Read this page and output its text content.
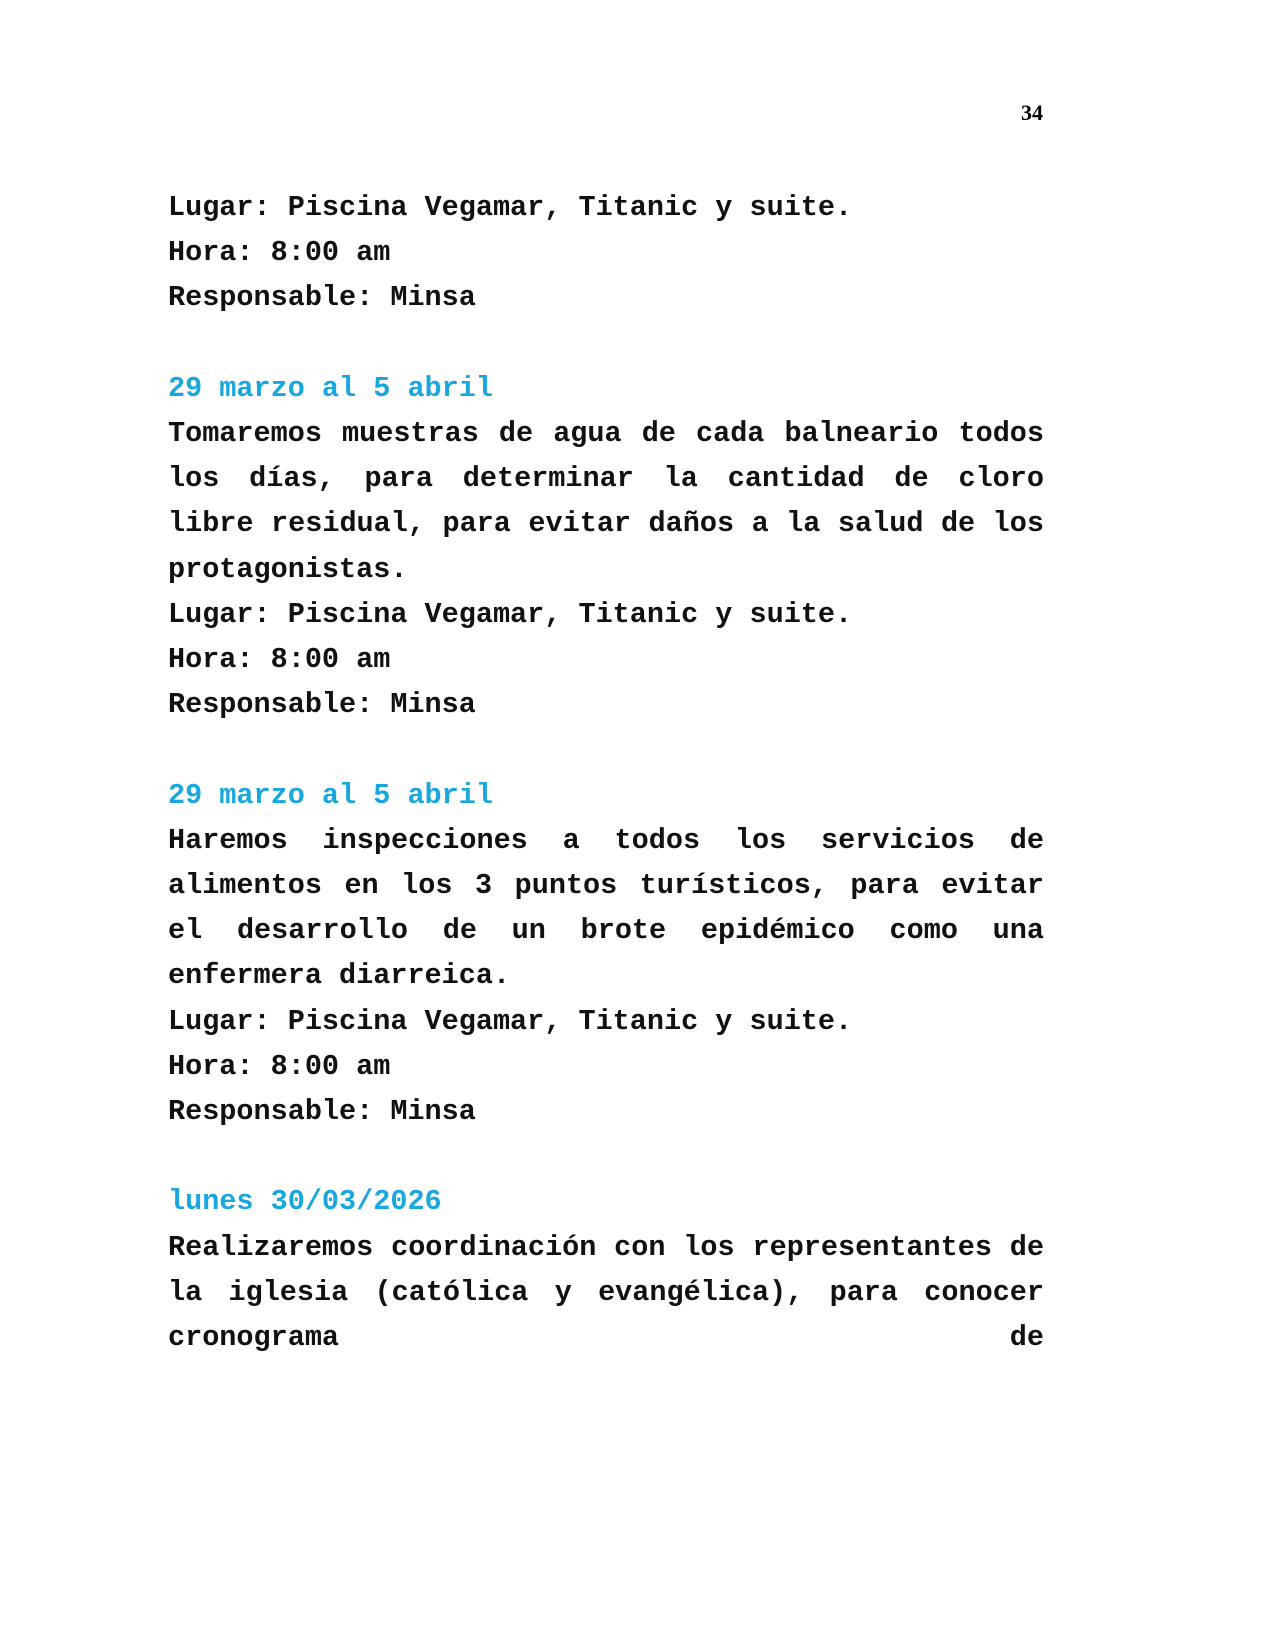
34
Lugar: Piscina Vegamar, Titanic y suite.
Hora: 8:00 am
Responsable: Minsa
29 marzo al 5 abril
Tomaremos muestras de agua de cada balneario todos los días, para determinar la cantidad de cloro libre residual, para evitar daños a la salud de los protagonistas.
Lugar: Piscina Vegamar, Titanic y suite.
Hora: 8:00 am
Responsable: Minsa
29 marzo al 5 abril
Haremos inspecciones a todos los servicios de alimentos en los 3 puntos turísticos, para evitar el desarrollo de un brote epidémico como una enfermera diarreica.
Lugar: Piscina Vegamar, Titanic y suite.
Hora: 8:00 am
Responsable: Minsa
lunes 30/03/2026
Realizaremos coordinación con los representantes de la iglesia (católica y evangélica), para conocer cronograma de
